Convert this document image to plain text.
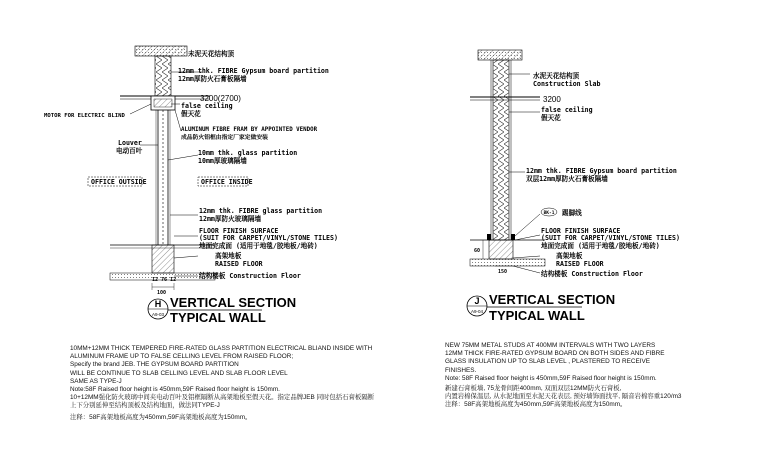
12 76 12
100
未泥天花结构顶
12mm thk. FIBRE Gypsum board partition
12mm厚防火石膏板隔墙
3200(2700)
false ceiling
假天花
MOTOR FOR ELECTRIC BLIND
ALUMINUM FIBRE FRAM BY APPOINTED VENDOR
成品防火铝框由指定厂家定做安装
Louver
电动百叶	10mm thk. glass partition
10mm厚玻璃隔墙
OFFICE OUTSIDE	OFFICE INSIDE
12mm thk. FIBRE glass partition
12mm厚防火玻璃隔墙
FLOOR FINISH SURFACE
(SUIT FOR CARPET/VINYL/STONE TILES)
地面完成面 (适用于地毯/胶地板/地砖)
高架地板
RAISED FLOOR
结构楼板 Construction Floor
H
A9-03
VERTICAL SECTION
TYPICAL WALL
60
150
水泥天花结构顶
Construction Slab
3200
false ceiling
假天花
12mm thk. FIBRE Gypsum board partition
双层12mm厚防火石膏板隔墙
BK-1 踢脚线
FLOOR FINISH SURFACE
(SUIT FOR CARPET/VINYL/STONE TILES)
地面完成面 (适用于地毯/胶地板/地砖)
高架地板
RAISED FLOOR
结构楼板 Construction Floor
J
A9-04
VERTICAL SECTION
TYPICAL WALL
10MM+12MM THICK TEMPERED FIRE-RATED GLASS PARTITION ELECTRICAL BLIAND INSIDE WITH
ALUMINUM FRAME UP TO FALSE CELLING LEVEL FROM RAISED FLOOR;
Specify the brand JEB. THE GYPSUM BOARD PARTITION
WILL BE CONTINUE TO SLAB CELLING LEVEL AND SLAB FLOOR LEVEL
SAME AS TYPE-J
Note:58F Raised floor height is 450mm,59F Raised floor height is 150mm.
10+12MM强化防火玻璃中间夹电动百叶及铝框隔断从高架地板至假天花。指定品牌JEB 同时包括石膏板隔断
上下分别延伸至结构顶板及结构地面，做法同TYPE-J
注释：58F高架地板高度为450mm,59F高架地板高度为150mm。
NEW 75MM METAL STUDS AT 400MM INTERVALS WITH TWO LAYERS
12MM THICK FIRE-RATED GYPSUM BOARD ON BOTH SIDES AND FIBRE
GLASS INSULATION UP TO SLAB LEVEL , PLASTERED TO RECEIVE
FINISHES.
Note: 58F Raised floor height is 450mm,59F Raised floor height is 150mm.
新建石膏板墙, 75龙骨间距400mm, 双面双层12MM防火石膏板,
内置岩棉保温层, 从水泥地面至水泥天花表层, 预好墙饰面找平, 隔音岩棉容重120/m3
注释：58F高架地板高度为450mm,59F高架地板高度为150mm。
